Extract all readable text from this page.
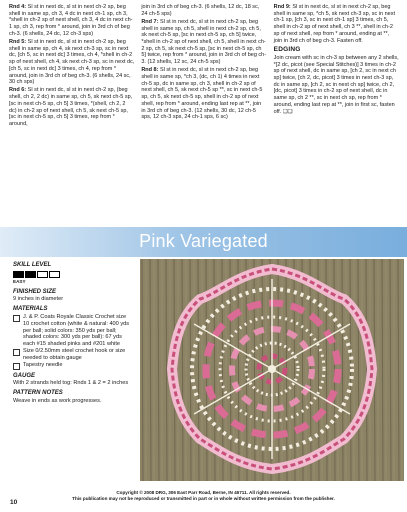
Rnd 4: Sl st in next dc, sl st in next ch-2 sp, beg shell in same sp, ch 3, 4 dc in next ch-1 sp, ch 3, *shell in ch-2 sp of next shell, ch 3, 4 dc in next ch-1 sp, ch 3, rep from * around, join in 3rd ch of beg ch-3. (6 shells, 24 dc, 12 ch-3 sps)

Rnd 5: Sl st in next dc, sl st in next ch-2 sp, beg shell in same sp, ch 4, sk next ch-3 sp, sc in next dc, [ch 5, sc in next dc] 3 times, ch 4, *shell in ch-2 sp of next shell, ch 4, sk next ch-3 sp, sc in next dc, [ch 5, sc in next dc] 3 times, ch 4, rep from * around, join in 3rd ch of beg ch-3. (6 shells, 24 sc, 30 ch sps)

Rnd 6: Sl st in next dc, sl st in next ch-2 sp, (beg shell, ch 2, 2 dc) in same sp, ch 5, sk next ch-5 sp, [sc in next ch-5 sp, ch 5] 3 times, *(shell, ch 2, 2 dc) in ch-2 sp of next shell, ch 5, sk next ch-5 sp, [sc in next ch-5 sp, ch 5] 3 times, rep from * around,

join in 3rd ch of beg ch-3. (6 shells, 12 dc, 18 sc, 24 ch-5 sps)

Rnd 7: Sl st in next dc, sl st in next ch-2 sp, beg shell in same sp, ch 5, shell in next ch-2 sp, ch 5, sk next ch-5 sp, [sc in next ch-5 sp, ch 5] twice, *shell in ch-2 sp of next shell, ch 5, shell in next ch-2 sp, ch 5, sk next ch-5 sp, [sc in next ch-5 sp, ch 5] twice, rep from * around, join in 3rd ch of beg ch-3. (12 shells, 12 sc, 24 ch-5 sps)

Rnd 8: Sl st in next dc, sl st in next ch-2 sp, beg shell in same sp, *ch 3, (dc, ch 1) 4 times in next ch-5 sp, dc in same sp, ch 3, shell in ch-2 sp of next shell, ch 5, sk next ch-5 sp **, sc in next ch-5 sp, ch 5, sk next ch-5 sp, shell in ch-2 sp of next shell, rep from * around, ending last rep at **, join in 3rd ch of beg ch-3. (12 shells, 30 dc, 12 ch-5 sps, 12 ch-3 sps, 24 ch-1 sps, 6 sc)

Rnd 9: Sl st in next dc, sl st in next ch-2 sp, beg shell in same sp, *ch 5, sk next ch-3 sp, sc in next ch-1 sp, [ch 3, sc in next ch-1 sp] 3 times, ch 5, shell in ch-2 sp of next shell, ch 3 **, shell in ch-2 sp of next shell, rep from * around, ending at **, join in 3rd ch of beg ch-3. Fasten off.

EDGING

Join cream with sc in ch-3 sp between any 2 shells, *[2 dc, picot (see Special Stitches)] 3 times in ch-2 sp of next shell, dc in same sp, [ch 2, sc in next ch sp] twice, [ch 2, dc, picot] 3 times in next ch-3 sp, dc in same sp, [ch 2, sc in next ch sp] twice, ch 2, [dc, picot] 3 times in ch-2 sp of next shell, dc in same sp, ch 2 **, sc in next ch sp, rep from * around, ending last rep at **, join in first sc, fasten off. ❏❏

Pink Variegated
SKILL LEVEL
EASY
FINISHED SIZE
9 inches in diameter
MATERIALS
J. & P. Coats Royale Classic Crochet size 10 crochet cotton (white & natural: 400 yds per ball; solid colors: 350 yds per ball; shaded colors: 300 yds per ball): 67 yds each #15 shaded pinks and #201 white
Size 0/2.50mm steel crochet hook or size needed to obtain gauge
Tapestry needle
GAUGE
With 2 strands held tog: Rnds 1 & 2 = 2 inches
PATTERN NOTES
Weave in ends as work progresses.
Copyright © 2008 DRG, 306 East Parr Road, Berne, IN 46711. All rights reserved.
This publication may not be reproduced or transmitted in part or in whole without written permission from the publisher.
10
